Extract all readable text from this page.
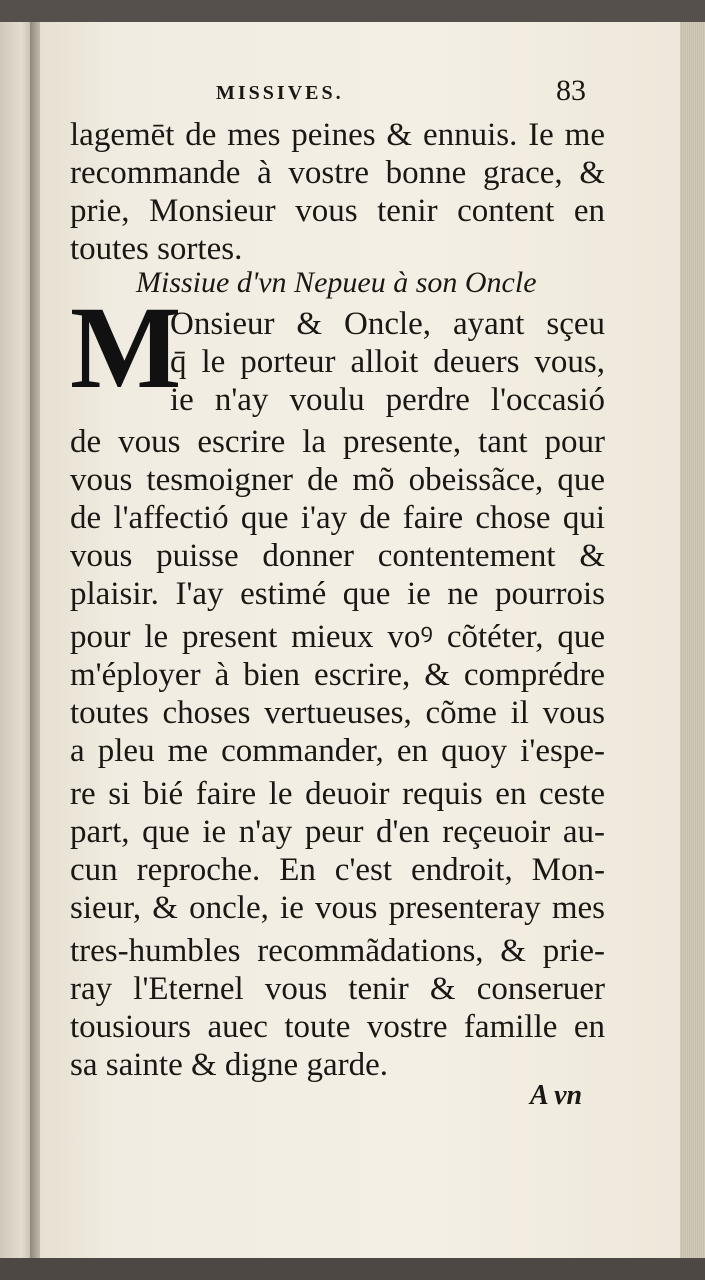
MISSIVES.	83
lagemēt de mes peines & ennuis. Ie me
recommande à vostre bonne grace, &
prie, Monsieur vous tenir content en
toutes sortes.
Missiue d'vn Nepueu à son Oncle
M
Onsieur & Oncle, ayant sçeu
q̄ le porteur alloit deuers vous,
ie n'ay voulu perdre l'occasió
de vous escrire la presente, tant pour
vous tesmoigner de mõ obeissãce, que
de l'affectió que i'ay de faire chose qui
vous puisse donner contentement &
plaisir. I'ay estimé que ie ne pourrois
pour le present mieux voꝰ cõtéter, que
m'éployer à bien escrire, & comprédre
toutes choses vertueuses, cõme il vous
a pleu me commander, en quoy i'espe-
re si bié faire le deuoir requis en ceste
part, que ie n'ay peur d'en reçeuoir au-
cun reproche. En c'est endroit, Mon-
sieur, & oncle, ie vous presenteray mes
tres-humbles recommãdations, & prie-
ray l'Eternel vous tenir & conseruer
tousiours auec toute vostre famille en
sa sainte & digne garde.
A vn
